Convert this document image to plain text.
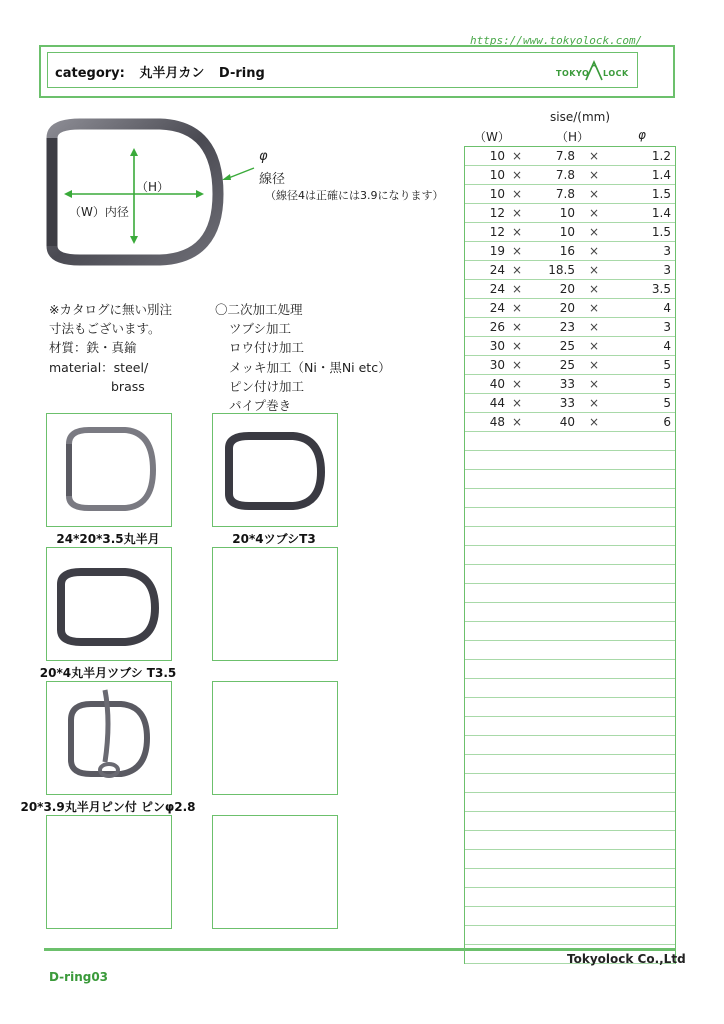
https://www.tokyolock.com/
category: 丸半月カン D-ring	TOKYO LOCK
（H）
（W）内径
φ
線径
（線径4は正確には3.9になります）
※カタログに無い別注
寸法もございます。
材質：鉄・真鍮
material：steel/
brass
〇二次加工処理
ツブシ加工
ロウ付け加工
メッキ加工（Ni・黒Ni etc）
ピン付け加工
パイプ巻き
24*20*3.5丸半月	20*4ツブシT3
20*4丸半月ツブシ T3.5
20*3.9丸半月ピン付 ピンφ2.8
sise/(mm)
（W）	（H）	φ
10 ×	7.8	×	1.2
10 ×	7.8	×	1.4
10 ×	7.8	×	1.5
12 ×	10	×	1.4
12 ×	10	×	1.5
19 ×	16	×	3
24 ×	18.5	×	3
24 ×	20	×	3.5
24 ×	20	×	4
26 ×	23	×	3
30 ×	25	×	4
30 ×	25	×	5
40 ×	33	×	5
44 ×	33	×	5
48 ×	40	×	6
Tokyolock Co.,Ltd
D-ring03
